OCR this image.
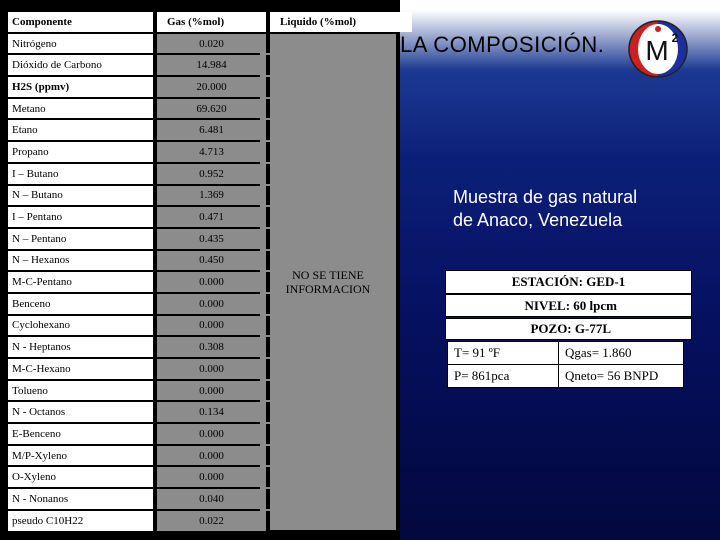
Componente		Gas (%mol)		Liquido (%mol)
Nitrógeno		0.020		
Dióxido de Carbono		14.984		
H2S (ppmv)		20.000		
Metano		69.620		
Etano		6.481		
Propano		4.713		
I – Butano		0.952		
N – Butano		1.369		
I – Pentano		0.471		
N – Pentano		0.435		
N – Hexanos		0.450		
M-C-Pentano		0.000		
Benceno		0.000		
Cyclohexano		0.000		
N - Heptanos		0.308		
M-C-Hexano		0.000		
Tolueno		0.000		
N - Octanos		0.134		
E-Benceno		0.000		
M/P-Xyleno		0.000		
O-Xyleno		0.000		
N - Nonanos		0.040		
pseudo C10H22		0.022		
NO SE TIENE
INFORMACION
LA COMPOSICIÓN. M 2
Muestra de gas natural
de Anaco, Venezuela
ESTACIÓN: GED-1
NIVEL: 60 lpcm
POZO: G-77L
T= 91 ºF	Qgas= 1.860
P= 861pca	Qneto= 56 BNPD
